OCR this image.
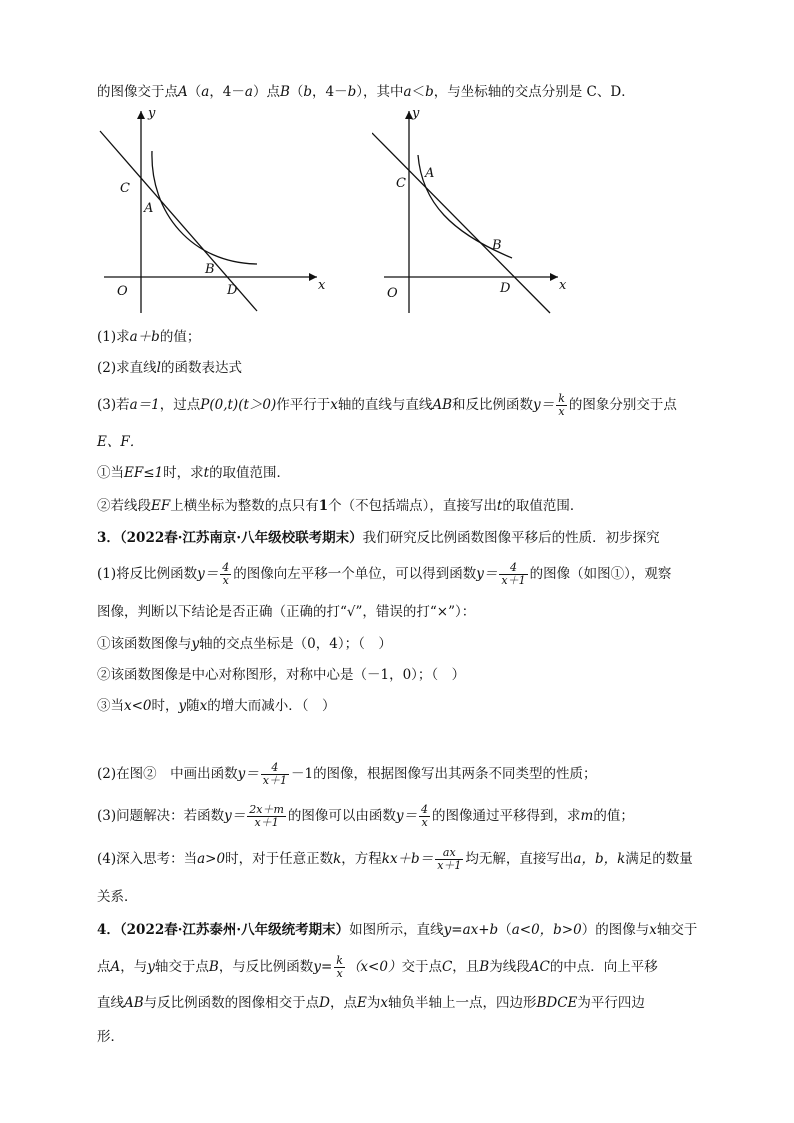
的图像交于点A（a，4－a）点B（b，4－b），其中a＜b，与坐标轴的交点分别是 C、D．
y
x
C
A
B
O	D
y
x
C
A
B
O	D
(1)求a＋b的值；
(2)求直线l的函数表达式
(3)若a＝1，过点P(0,t)(t＞0)作平行于x轴的直线与直线AB和反比例函数$y= \frac{k}{x}$ 的图象分别交于点
E、F．
①当EF≤1时，求t的取值范围．
②若线段EF上横坐标为整数的点只有1个（不包括端点），直接写出t的取值范围．
3．（2022春·江苏南京·八年级校联考期末）我们研究反比例函数图像平移后的性质．初步探究
(1)将反比例函数$y= \frac{4}{x}$ 的图像向左平移一个单位，可以得到函数$y= \frac{4}{x+1}$ 的图像（如图①），观察
图像，判断以下结论是否正确（正确的打“√”，错误的打“×”）：
①该函数图像与y轴的交点坐标是（0，4）；（　）
②该函数图像是中心对称图形，对称中心是（－1，0）；（　）
③当x<0时，y随x的增大而减小．（　）
(2)在图②　中画出函数$y= \frac{4}{x+1} -1$的图像，根据图像写出其两条不同类型的性质；
(3)问题解决：若函数$y= \frac{2x+m}{x+1}$ 的图像可以由函数$y= \frac{4}{x}$ 的图像通过平移得到，求m的值；
(4)深入思考：当a>0时，对于任意正数k，方程$kx+b= \frac{ax}{x+1}$ 均无解，直接写出a，b，k满足的数量
关系．
4．（2022春·江苏泰州·八年级统考期末）如图所示，直线y=ax+b（a<0，b>0）的图像与x轴交于
点A，与y轴交于点B，与反比例函数$y= \frac{k}{x} (x<0)$交于点C，且B为线段AC的中点．向上平移
直线AB与反比例函数的图像相交于点D，点E为x轴负半轴上一点，四边形BDCE为平行四边
形．
